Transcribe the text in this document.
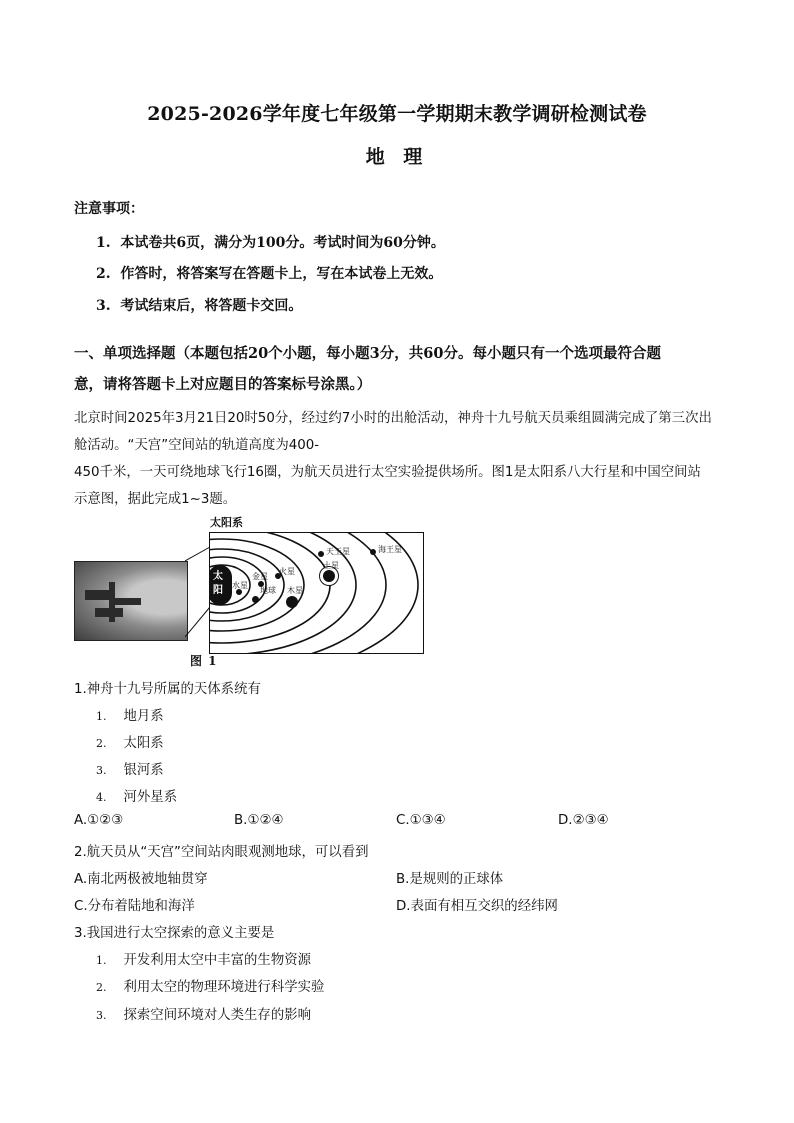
2025-2026学年度七年级第一学期期末教学调研检测试卷
地 理
注意事项：
1. 本试卷共6页，满分为100分。考试时间为60分钟。
2. 作答时，将答案写在答题卡上，写在本试卷上无效。
3. 考试结束后，将答题卡交回。
一、单项选择题（本题包括20个小题，每小题3分，共60分。每小题只有一个选项最符合题
意，请将答题卡上对应题目的答案标号涂黑。）
北京时间2025年3月21日20时50分，经过约7小时的出舱活动，神舟十九号航天员乘组圆满完成了第三次出
舱活动。“天宫”空间站的轨道高度为400-
450千米，一天可绕地球飞行16圈，为航天员进行太空实验提供场所。图1是太阳系八大行星和中国空间站
示意图，据此完成1~3题。
太阳系
太阳 水星
金星
地球
火星
木星
土星
天王星	海王星
图 1
1.神舟十九号所属的天体系统有
1. 地月系
2. 太阳系
3. 银河系
4. 河外星系
A.①②③	B.①②④	C.①③④	D.②③④
2.航天员从“天宫”空间站肉眼观测地球，可以看到
A.南北两极被地轴贯穿	B.是规则的正球体
C.分布着陆地和海洋	D.表面有相互交织的经纬网
3.我国进行太空探索的意义主要是
1. 开发利用太空中丰富的生物资源
2. 利用太空的物理环境进行科学实验
3. 探索空间环境对人类生存的影响
